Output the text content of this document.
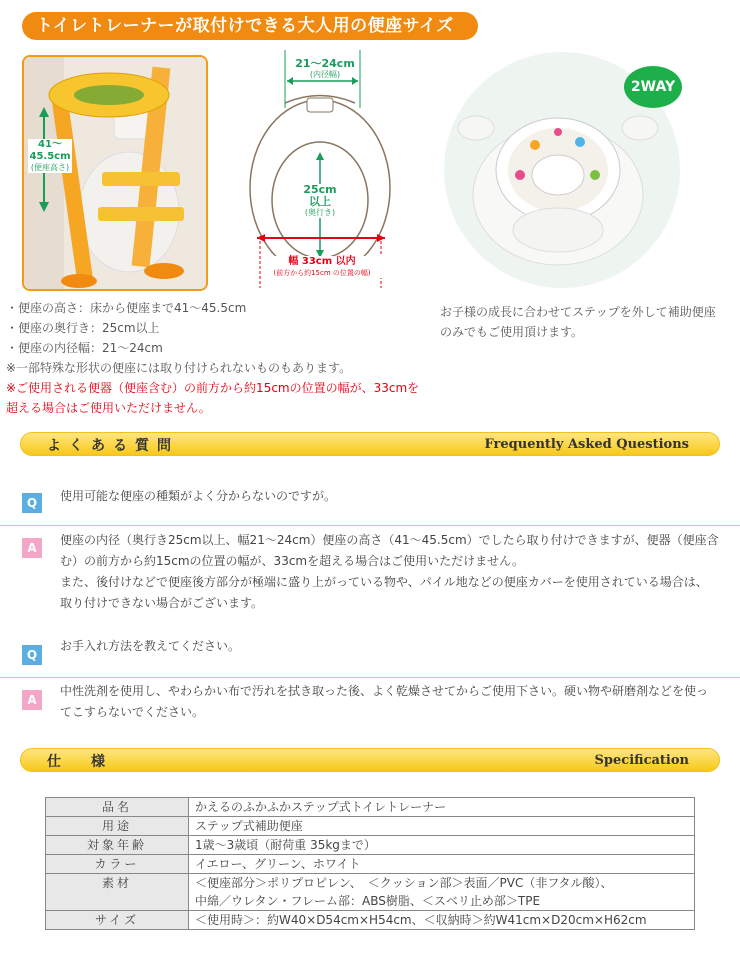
トイレトレーナーが取付けできる大人用の便座サイズ
41～45.5cm
(便座高さ)
21～24cm
(内径幅)
25cm
以上
(奥行き)
幅 33cm 以内
(前方から約15cm の位置の幅)
2WAY
・便座の高さ：床から便座まで41～45.5cm
・便座の奥行き：25cm以上
・便座の内径幅：21～24cm
※一部特殊な形状の便座には取り付けられないものもあります。
※ご使用される便器（便座含む）の前方から約15cmの位置の幅が、33cmを
超える場合はご使用いただけません。
お子様の成長に合わせてステップを外して補助便座
のみでもご使用頂けます。
よくある質問	Frequently Asked Questions
Q	使用可能な便座の種類がよく分からないのですが。
A
便座の内径（奥行き25cm以上、幅21～24cm）便座の高さ（41～45.5cm）でしたら取り付けできますが、便器（便座含
む）の前方から約15cmの位置の幅が、33cmを超える場合はご使用いただけません。
また、後付けなどで便座後方部分が極端に盛り上がっている物や、パイル地などの便座カバーを使用されている場合は、
取り付けできない場合がございます。
Q
お手入れ方法を教えてください。
A
中性洗剤を使用し、やわらかい布で汚れを拭き取った後、よく乾燥させてからご使用下さい。硬い物や研磨剤などを使っ
てこすらないでください。
仕　様	Specification
品名	かえるのふかふかステップ式トイレトレーナー
用途	ステップ式補助便座
対象年齢	1歳～3歳頃（耐荷重 35kgまで）
カラー	イエロー、グリーン、ホワイト
素材	＜便座部分＞ポリプロピレン、　＜クッション部＞表面／PVC（非フタル酸）、
中綿／ウレタン・フレーム部：ABS樹脂、＜スベリ止め部＞TPE

サイズ	＜使用時＞：約W40×D54cm×H54cm、＜収納時＞約W41cm×D20cm×H62cm
